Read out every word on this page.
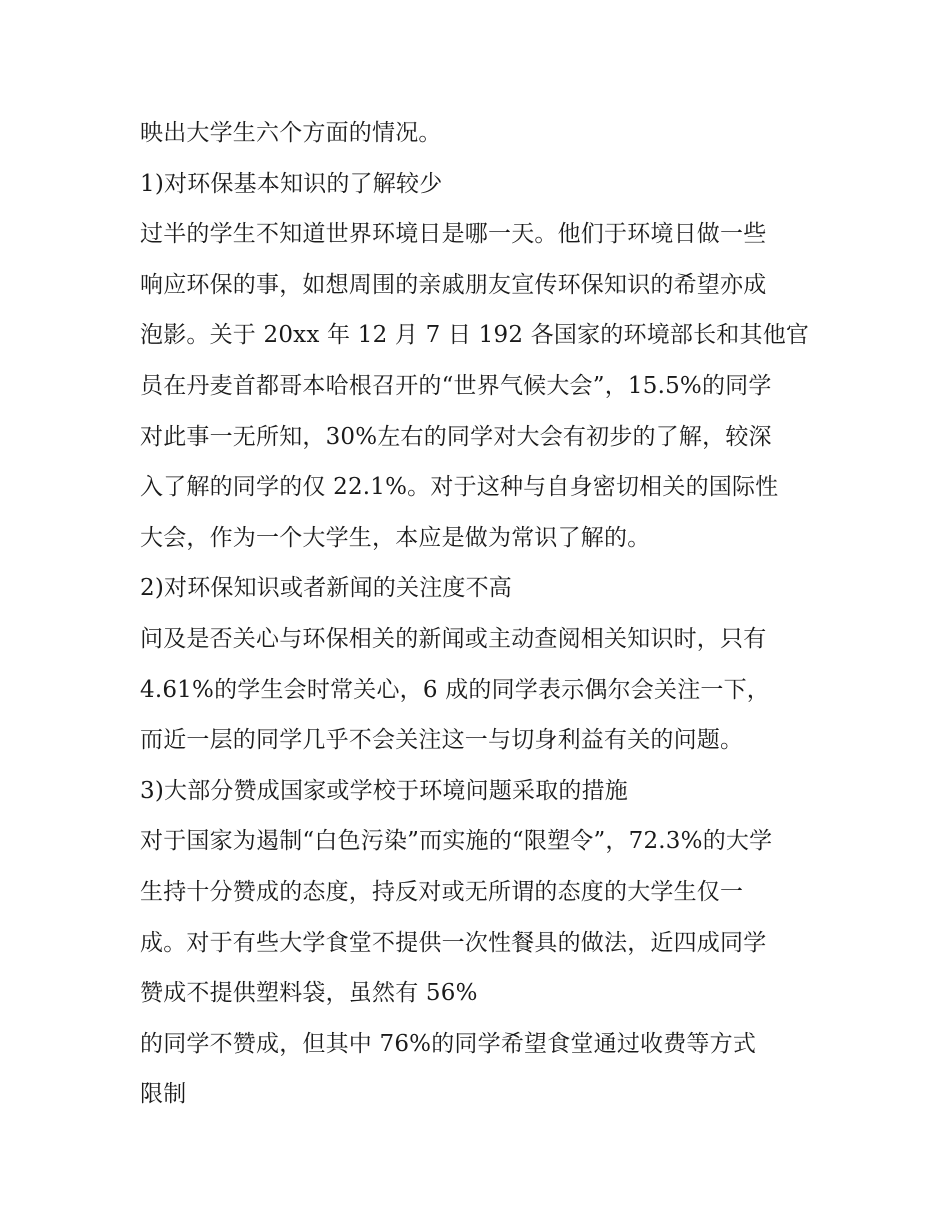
映出大学生六个方面的情况。
1)对环保基本知识的了解较少
过半的学生不知道世界环境日是哪一天。他们于环境日做一些
响应环保的事，如想周围的亲戚朋友宣传环保知识的希望亦成
泡影。关于 20xx 年 12 月 7 日 192 各国家的环境部长和其他官
员在丹麦首都哥本哈根召开的“世界气候大会”，15.5%的同学
对此事一无所知，30%左右的同学对大会有初步的了解，较深
入了解的同学的仅 22.1%。对于这种与自身密切相关的国际性
大会，作为一个大学生，本应是做为常识了解的。
2)对环保知识或者新闻的关注度不高
问及是否关心与环保相关的新闻或主动查阅相关知识时，只有
4.61%的学生会时常关心，6 成的同学表示偶尔会关注一下，
而近一层的同学几乎不会关注这一与切身利益有关的问题。
3)大部分赞成国家或学校于环境问题采取的措施
对于国家为遏制“白色污染”而实施的“限塑令”，72.3%的大学
生持十分赞成的态度，持反对或无所谓的态度的大学生仅一
成。对于有些大学食堂不提供一次性餐具的做法，近四成同学
赞成不提供塑料袋，虽然有 56%
的同学不赞成，但其中 76%的同学希望食堂通过收费等方式
限制
